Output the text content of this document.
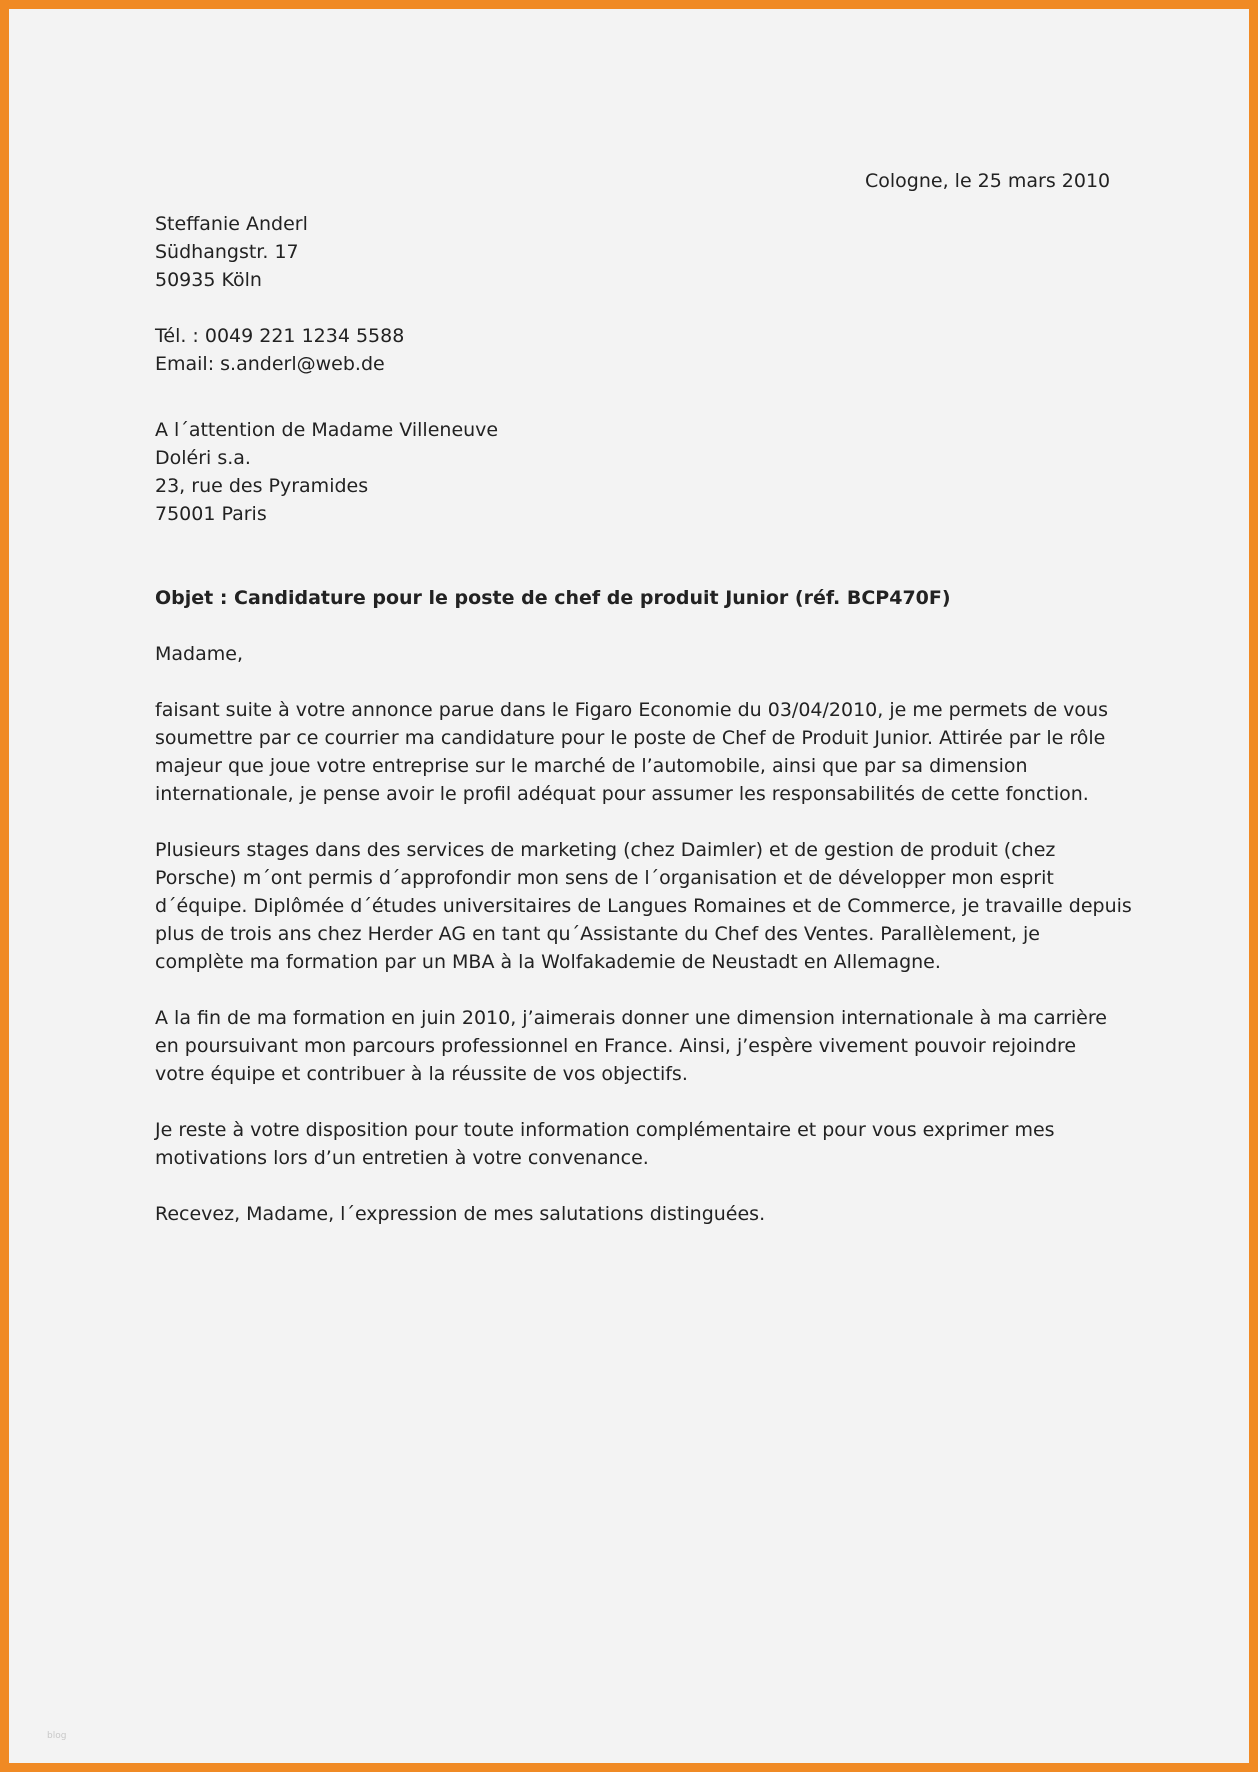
Cologne, le 25 mars 2010
Steffanie Anderl
Südhangstr. 17
50935 Köln
Tél. : 0049 221 1234 5588
Email: s.anderl@web.de
A l´attention de Madame Villeneuve
Doléri s.a.
23, rue des Pyramides
75001 Paris
Objet : Candidature pour le poste de chef de produit Junior (réf. BCP470F)
Madame,
faisant suite à votre annonce parue dans le Figaro Economie du 03/04/2010, je me permets de vous
soumettre par ce courrier ma candidature pour le poste de Chef de Produit Junior. Attirée par le rôle
majeur que joue votre entreprise sur le marché de l’automobile, ainsi que par sa dimension
internationale, je pense avoir le profil adéquat pour assumer les responsabilités de cette fonction.
Plusieurs stages dans des services de marketing (chez Daimler) et de gestion de produit (chez
Porsche) m´ont permis d´approfondir mon sens de l´organisation et de développer mon esprit
d´équipe. Diplômée d´études universitaires de Langues Romaines et de Commerce, je travaille depuis
plus de trois ans chez Herder AG en tant qu´Assistante du Chef des Ventes. Parallèlement, je
complète ma formation par un MBA à la Wolfakademie de Neustadt en Allemagne.
A la fin de ma formation en juin 2010, j’aimerais donner une dimension internationale à ma carrière
en poursuivant mon parcours professionnel en France. Ainsi, j’espère vivement pouvoir rejoindre
votre équipe et contribuer à la réussite de vos objectifs.
Je reste à votre disposition pour toute information complémentaire et pour vous exprimer mes
motivations lors d’un entretien à votre convenance.
Recevez, Madame, l´expression de mes salutations distinguées.
blog
